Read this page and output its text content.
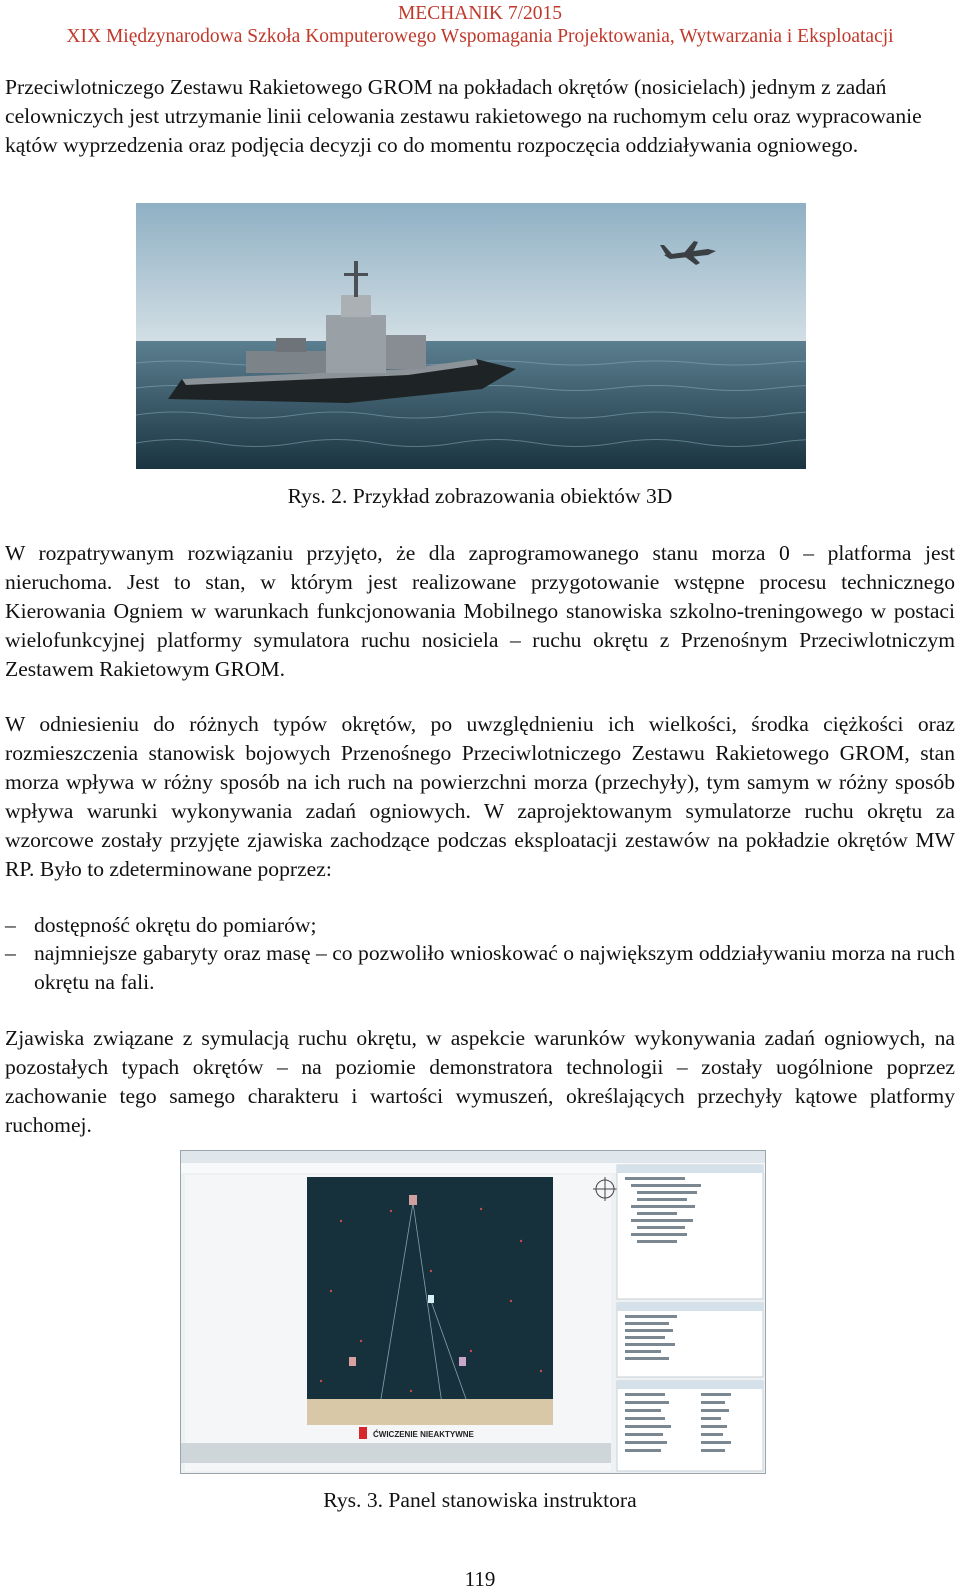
MECHANIK 7/2015
XIX Międzynarodowa Szkoła Komputerowego Wspomagania Projektowania, Wytwarzania i Eksploatacji

Przeciwlotniczego Zestawu Rakietowego GROM na pokładach okrętów (nosicielach) jednym z zadań celowniczych jest utrzymanie linii celowania zestawu rakietowego na ruchomym celu oraz wypracowanie kątów wyprzedzenia oraz podjęcia decyzji co do momentu rozpoczęcia oddziaływania ogniowego.

Rys. 2. Przykład zobrazowania obiektów 3D

W rozpatrywanym rozwiązaniu przyjęto, że dla zaprogramowanego stanu morza 0 – platforma jest nieruchoma. Jest to stan, w którym jest realizowane przygotowanie wstępne procesu technicznego Kierowania Ogniem w warunkach funkcjonowania Mobilnego stanowiska szkolno-treningowego w postaci wielofunkcyjnej platformy symulatora ruchu nosiciela – ruchu okrętu z Przenośnym Przeciwlotniczym Zestawem Rakietowym GROM.

W odniesieniu do różnych typów okrętów, po uwzględnieniu ich wielkości, środka ciężkości oraz rozmieszczenia stanowisk bojowych Przenośnego Przeciwlotniczego Zestawu Rakietowego GROM, stan morza wpływa w różny sposób na ich ruch na powierzchni morza (przechyły), tym samym w różny sposób wpływa warunki wykonywania zadań ogniowych. W zaprojektowanym symulatorze ruchu okrętu za wzorcowe zostały przyjęte zjawiska zachodzące podczas eksploatacji zestawów na pokładzie okrętów MW RP. Było to zdeterminowane poprzez:

– dostępność okrętu do pomiarów;
– najmniejsze gabaryty oraz masę – co pozwoliło wnioskować o największym oddziaływaniu morza na ruch okrętu na fali.

Zjawiska związane z symulacją ruchu okrętu, w aspekcie warunków wykonywania zadań ogniowych, na pozostałych typach okrętów – na poziomie demonstratora technologii – zostały uogólnione poprzez zachowanie tego samego charakteru i wartości wymuszeń, określających przechyły kątowe platformy ruchomej.

ĆWICZENIE NIEAKTYWNE
Rys. 3. Panel stanowiska instruktora
119
